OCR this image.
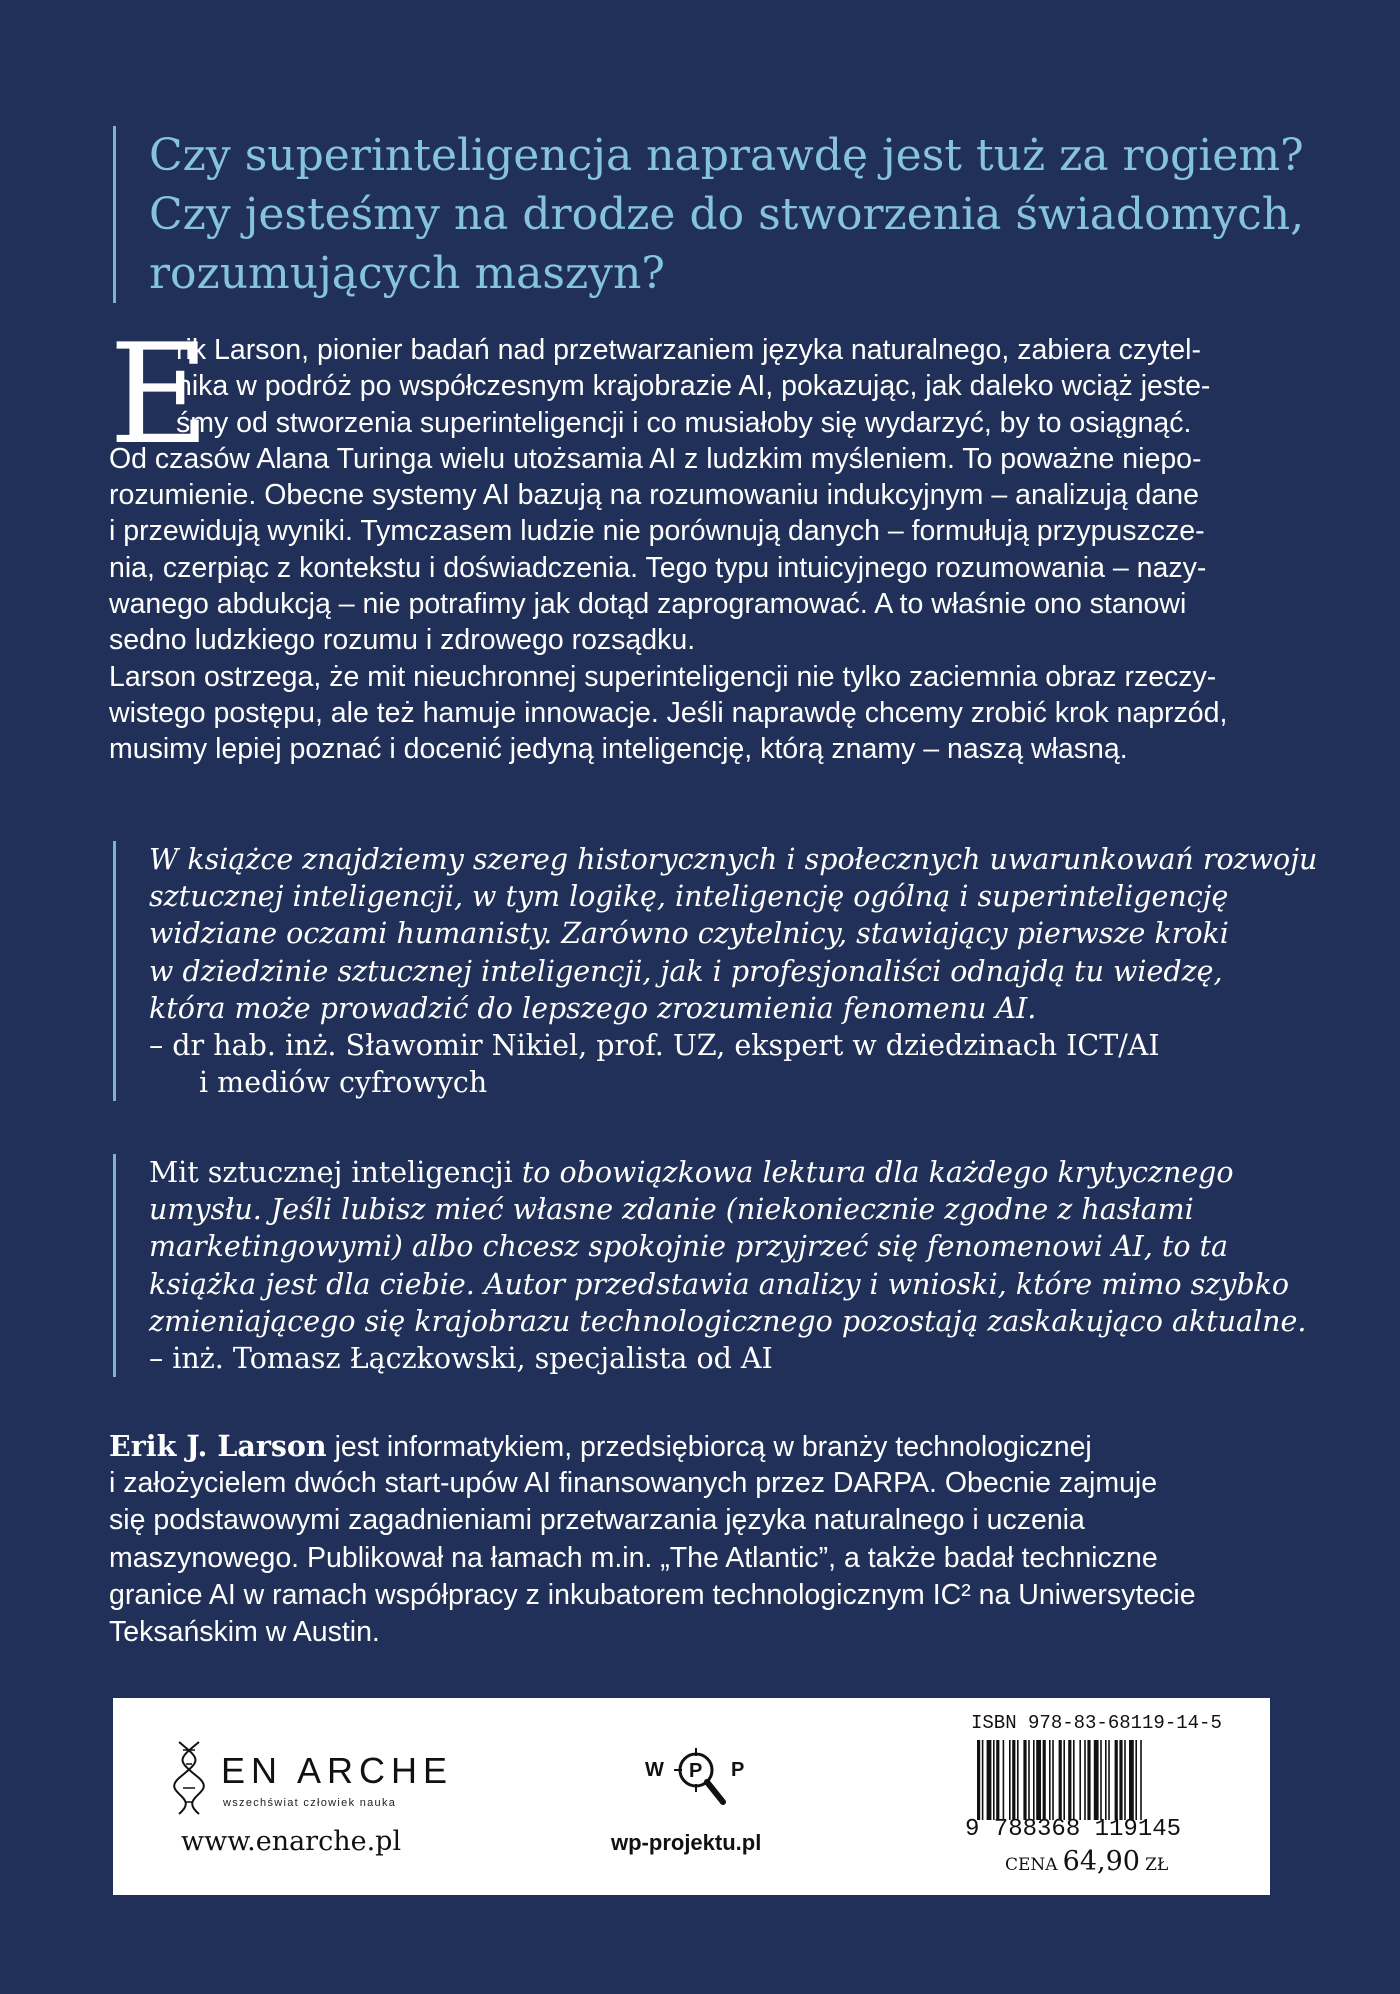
Czy superinteligencja naprawdę jest tuż za rogiem?
Czy jesteśmy na drodze do stworzenia świadomych,
rozumujących maszyn?
E
rik Larson, pionier badań nad przetwarzaniem języka naturalnego, zabiera czytel-
nika w podróż po współczesnym krajobrazie AI, pokazując, jak daleko wciąż jeste-
śmy od stworzenia superinteligencji i co musiałoby się wydarzyć, by to osiągnąć.
Od czasów Alana Turinga wielu utożsamia AI z ludzkim myśleniem. To poważne niepo-
rozumienie. Obecne systemy AI bazują na rozumowaniu indukcyjnym – analizują dane
i przewidują wyniki. Tymczasem ludzie nie porównują danych – formułują przypuszcze-
nia, czerpiąc z kontekstu i doświadczenia. Tego typu intuicyjnego rozumowania – nazy-
wanego abdukcją – nie potrafimy jak dotąd zaprogramować. A to właśnie ono stanowi
sedno ludzkiego rozumu i zdrowego rozsądku.
Larson ostrzega, że mit nieuchronnej superinteligencji nie tylko zaciemnia obraz rzeczy-
wistego postępu, ale też hamuje innowacje. Jeśli naprawdę chcemy zrobić krok naprzód,
musimy lepiej poznać i docenić jedyną inteligencję, którą znamy – naszą własną.
W książce znajdziemy szereg historycznych i społecznych uwarunkowań rozwoju
sztucznej inteligencji, w tym logikę, inteligencję ogólną i superinteligencję
widziane oczami humanisty. Zarówno czytelnicy, stawiający pierwsze kroki
w dziedzinie sztucznej inteligencji, jak i profesjonaliści odnajdą tu wiedzę,
która może prowadzić do lepszego zrozumienia fenomenu AI.
– dr hab. inż. Sławomir Nikiel, prof. UZ, ekspert w dziedzinach ICT/AI
i mediów cyfrowych
Mit sztucznej inteligencji to obowiązkowa lektura dla każdego krytycznego
umysłu. Jeśli lubisz mieć własne zdanie (niekoniecznie zgodne z hasłami
marketingowymi) albo chcesz spokojnie przyjrzeć się fenomenowi AI, to ta
książka jest dla ciebie. Autor przedstawia analizy i wnioski, które mimo szybko
zmieniającego się krajobrazu technologicznego pozostają zaskakująco aktualne.
– inż. Tomasz Łączkowski, specjalista od AI
Erik J. Larson jest informatykiem, przedsiębiorcą w branży technologicznej
i założycielem dwóch start-upów AI finansowanych przez DARPA. Obecnie zajmuje
się podstawowymi zagadnieniami przetwarzania języka naturalnego i uczenia
maszynowego. Publikował na łamach m.in. „The Atlantic”, a także badał techniczne
granice AI w ramach współpracy z inkubatorem technologicznym IC² na Uniwersytecie
Teksańskim w Austin.
EN ARCHE
wszechświat człowiek nauka
www.enarche.pl
W P P
wp-projektu.pl
ISBN 978-83-68119-14-5
9 788368 119145
CENA 64,90 ZŁ
